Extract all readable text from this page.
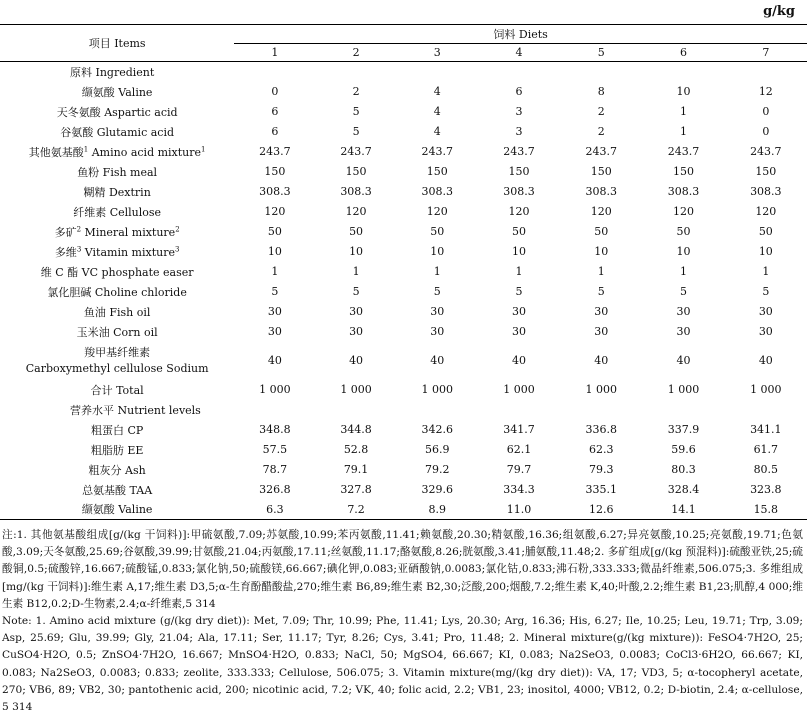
g/kg
项目 Items	饲料 Diets						
	1	2	3	4	5	6	7
原料 Ingredient							
缬氨酸 Valine	0	2	4	6	8	10	12
天冬氨酸 Aspartic acid	6	5	4	3	2	1	0
谷氨酸 Glutamic acid	6	5	4	3	2	1	0
其他氨基酸$^1$ Amino acid mixture$^1$	243.7	243.7	243.7	243.7	243.7	243.7	243.7
鱼粉 Fish meal	150	150	150	150	150	150	150
糊精 Dextrin	308.3	308.3	308.3	308.3	308.3	308.3	308.3
纤维素 Cellulose	120	120	120	120	120	120	120
多矿$^2$ Mineral mixture$^2$	50	50	50	50	50	50	50
多维$^3$ Vitamin mixture$^3$	10	10	10	10	10	10	10
维 C 酯 VC phosphate easer	1	1	1	1	1	1	1
氯化胆碱 Choline chloride	5	5	5	5	5	5	5
鱼油 Fish oil	30	30	30	30	30	30	30
玉米油 Corn oil	30	30	30	30	30	30	30
羧甲基纤维素
Carboxymethyl cellulose Sodium	40	40	40	40	40	40	40
合计 Total	1 000	1 000	1 000	1 000	1 000	1 000	1 000
营养水平 Nutrient levels							
粗蛋白 CP	348.8	344.8	342.6	341.7	336.8	337.9	341.1
粗脂肪 EE	57.5	52.8	56.9	62.1	62.3	59.6	61.7
粗灰分 Ash	78.7	79.1	79.2	79.7	79.3	80.3	80.5
总氨基酸 TAA	326.8	327.8	329.6	334.3	335.1	328.4	323.8
缬氨酸 Valine	6.3	7.2	8.9	11.0	12.6	14.1	15.8

注:1. 其他氨基酸组成[g/(kg 干饲料)]:甲硫氨酸,7.09;苏氨酸,10.99;苯丙氨酸,11.41;赖氨酸,20.30;精氨酸,16.36;组氨酸,6.27;异亮氨酸,10.25;亮氨酸,19.71;色氨酸,3.09;天冬氨酸,25.69;谷氨酸,39.99;甘氨酸,21.04;丙氨酸,17.11;丝氨酸,11.17;酪氨酸,8.26;胱氨酸,3.41;脯氨酸,11.48;2. 多矿组成[g/(kg 预混料)]:硫酸亚铁,25;硫酸铜,0.5;硫酸锌,16.667;硫酸锰,0.833;氯化钠,50;硫酸镁,66.667;碘化钾,0.083;亚硒酸钠,0.0083;氯化钴,0.833;沸石粉,333.333;微晶纤维素,506.075;3. 多维组成[mg/(kg 干饲料)]:维生素 A,17;维生素 D3,5;α-生育酚醋酸盐,270;维生素 B6,89;维生素 B2,30;泛酸,200;烟酸,7.2;维生素 K,40;叶酸,2.2;维生素 B1,23;肌醇,4 000;维生素 B12,0.2;D-生物素,2.4;α-纤维素,5 314

Note: 1. Amino acid mixture (g/(kg dry diet)): Met, 7.09; Thr, 10.99; Phe, 11.41; Lys, 20.30; Arg, 16.36; His, 6.27; Ile, 10.25; Leu, 19.71; Trp, 3.09; Asp, 25.69; Glu, 39.99; Gly, 21.04; Ala, 17.11; Ser, 11.17; Tyr, 8.26; Cys, 3.41; Pro, 11.48; 2. Mineral mixture(g/(kg mixture)): FeSO4·7H2O, 25; CuSO4·H2O, 0.5; ZnSO4·7H2O, 16.667; MnSO4·H2O, 0.833; NaCl, 50; MgSO4, 66.667; KI, 0.083; Na2SeO3, 0.0083; CoCl3·6H2O, 66.667; KI, 0.083; Na2SeO3, 0.0083; 0.833; zeolite, 333.333; Cellulose, 506.075; 3. Vitamin mixture(mg/(kg dry diet)): VA, 17; VD3, 5; α-tocopheryl acetate, 270; VB6, 89; VB2, 30; pantothenic acid, 200; nicotinic acid, 7.2; VK, 40; folic acid, 2.2; VB1, 23; inositol, 4000; VB12, 0.2; D-biotin, 2.4; α-cellulose, 5 314
